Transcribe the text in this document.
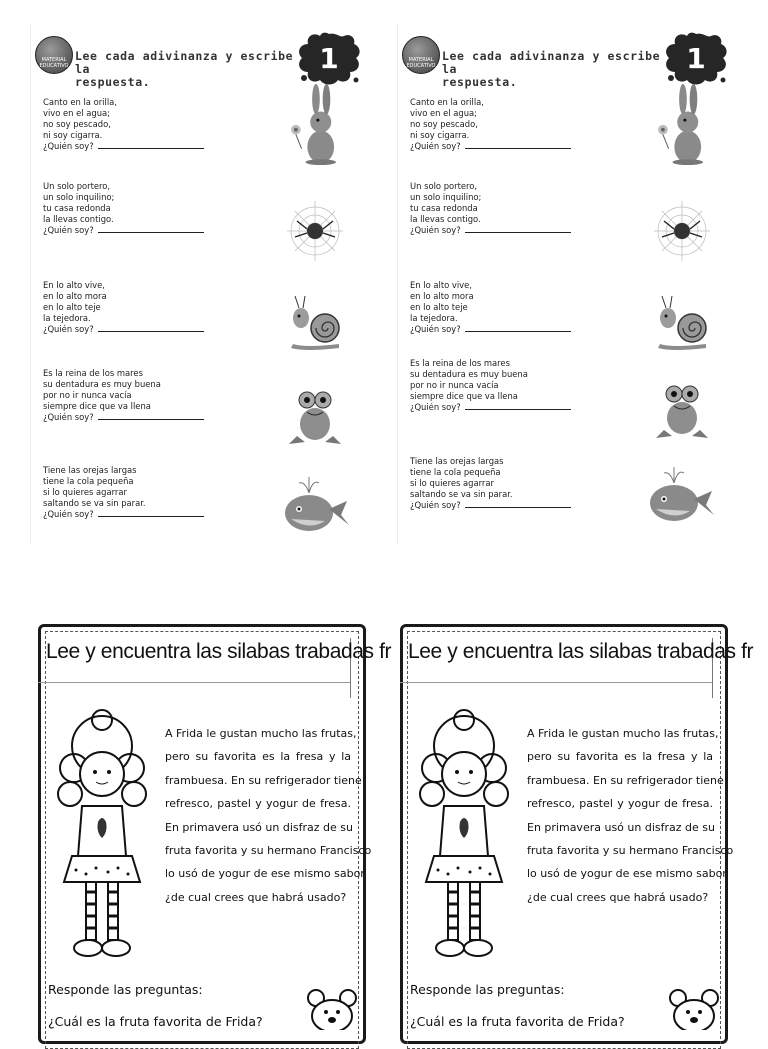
MATERIAL EDUCATIVO
Lee cada adivinanza y escribe la
respuesta.
1
Canto en la orilla,
vivo en el agua;
no soy pescado,
ni soy cigarra.
¿Quién soy?
Un solo portero,
un solo inquilino;
tu casa redonda
la llevas contigo.
¿Quién soy?
En lo alto vive,
en lo alto mora
en lo alto teje
la tejedora.
¿Quién soy?
Es la reina de los mares
su dentadura es muy buena
por no ir nunca vacía
siempre dice que va llena
¿Quién soy?
Tiene las orejas largas
tiene la cola pequeña
si lo quieres agarrar
saltando se va sin parar.
¿Quién soy?
MATERIAL EDUCATIVO
Lee cada adivinanza y escribe la
respuesta.
1
Canto en la orilla,
vivo en el agua;
no soy pescado,
ni soy cigarra.
¿Quién soy?
Un solo portero,
un solo inquilino;
tu casa redonda
la llevas contigo.
¿Quién soy?
En lo alto vive,
en lo alto mora
en lo alto teje
la tejedora.
¿Quién soy?
Es la reina de los mares
su dentadura es muy buena
por no ir nunca vacía
siempre dice que va llena
¿Quién soy?
Tiene las orejas largas
tiene la cola pequeña
si lo quieres agarrar
saltando se va sin parar.
¿Quién soy?
Lee y encuentra las silabas trabadas fr
A Frida le gustan mucho las frutas,
pero su favorita es la fresa y la
frambuesa. En su refrigerador tiene
refresco, pastel y yogur de fresa.
En primavera usó un disfraz de su
fruta favorita y su hermano Francisco
lo usó de yogur de ese mismo sabor
¿de cual crees que habrá usado?
Responde las preguntas:
¿Cuál es la fruta favorita de Frida?
Lee y encuentra las silabas trabadas fr
A Frida le gustan mucho las frutas,
pero su favorita es la fresa y la
frambuesa. En su refrigerador tiene
refresco, pastel y yogur de fresa.
En primavera usó un disfraz de su
fruta favorita y su hermano Francisco
lo usó de yogur de ese mismo sabor
¿de cual crees que habrá usado?
Responde las preguntas:
¿Cuál es la fruta favorita de Frida?
